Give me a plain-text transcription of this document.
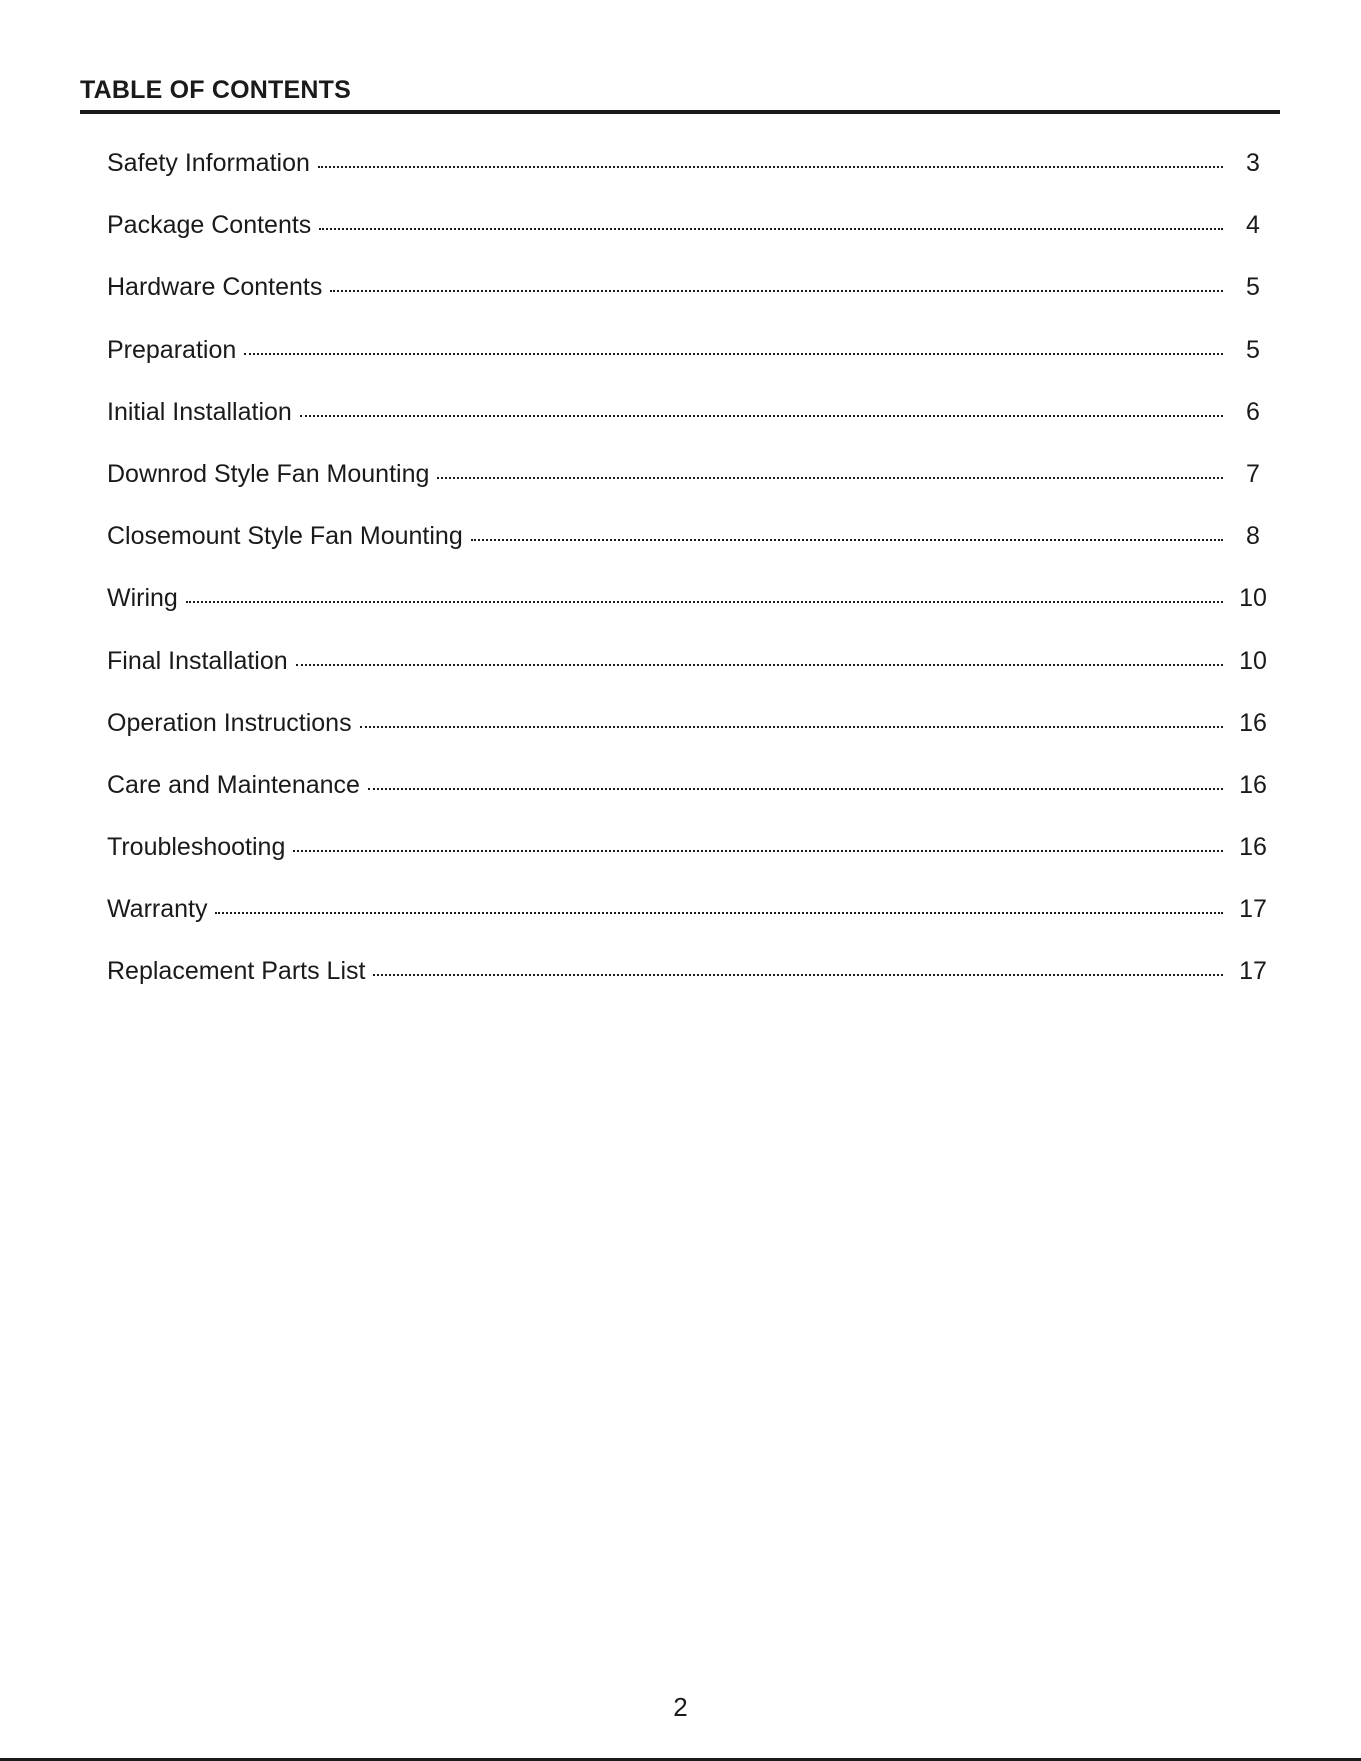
TABLE OF CONTENTS
Safety Information	3
Package Contents	4
Hardware Contents	5
Preparation	5
Initial Installation	6
Downrod Style Fan Mounting	7
Closemount Style Fan Mounting	8
Wiring	10
Final Installation	10
Operation Instructions	16
Care and Maintenance	16
Troubleshooting	16
Warranty	17
Replacement Parts List	17
2
